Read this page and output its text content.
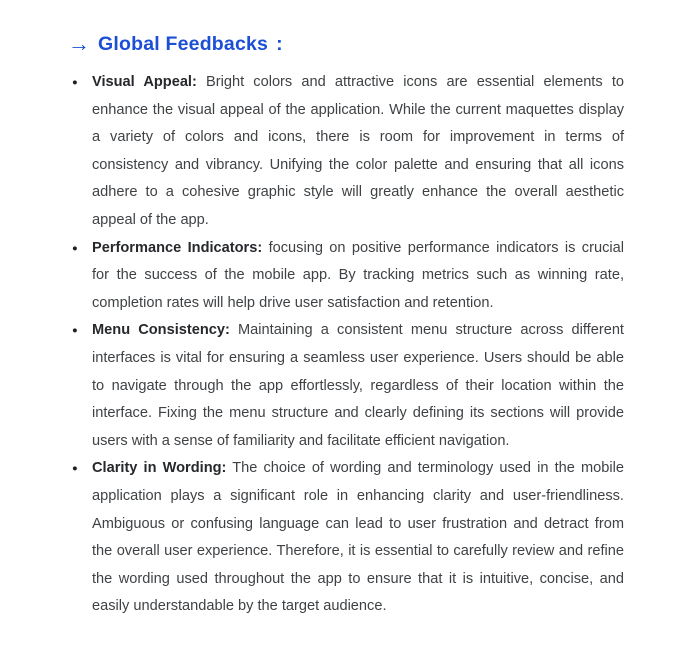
→ Global Feedbacks :
● Visual Appeal: Bright colors and attractive icons are essential elements to enhance the visual appeal of the application. While the current maquettes display a variety of colors and icons, there is room for improvement in terms of consistency and vibrancy. Unifying the color palette and ensuring that all icons adhere to a cohesive graphic style will greatly enhance the overall aesthetic appeal of the app.
● Performance Indicators: focusing on positive performance indicators is crucial for the success of the mobile app. By tracking metrics such as winning rate, completion rates will help drive user satisfaction and retention.
● Menu Consistency: Maintaining a consistent menu structure across different interfaces is vital for ensuring a seamless user experience. Users should be able to navigate through the app effortlessly, regardless of their location within the interface. Fixing the menu structure and clearly defining its sections will provide users with a sense of familiarity and facilitate efficient navigation.
● Clarity in Wording: The choice of wording and terminology used in the mobile application plays a significant role in enhancing clarity and user-friendliness. Ambiguous or confusing language can lead to user frustration and detract from the overall user experience. Therefore, it is essential to carefully review and refine the wording used throughout the app to ensure that it is intuitive, concise, and easily understandable by the target audience.
